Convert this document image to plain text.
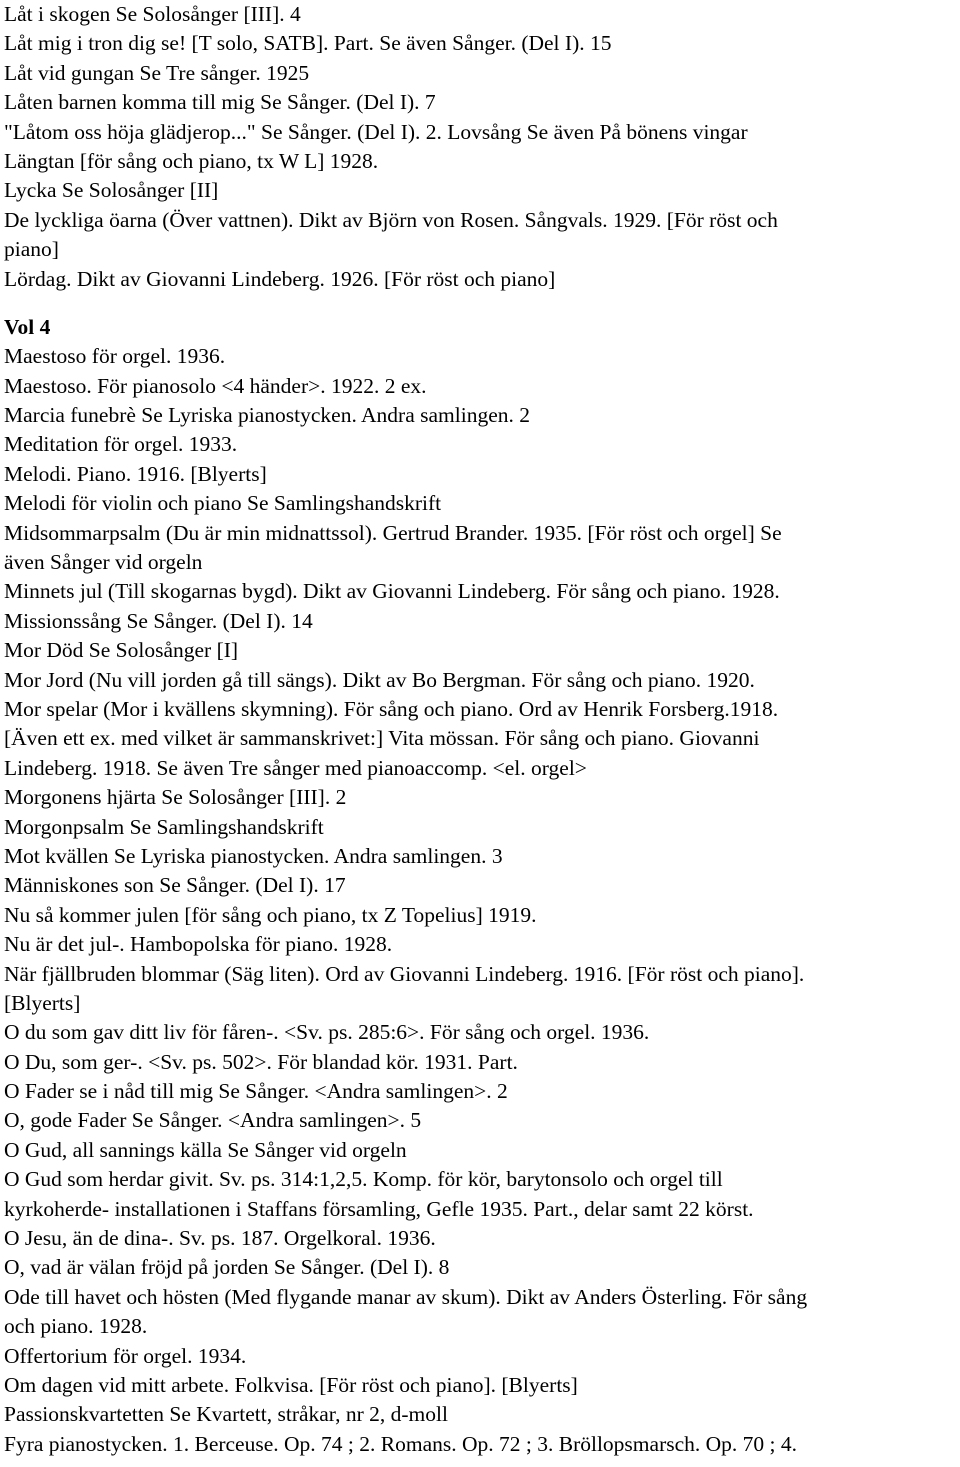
Låt i skogen Se Solosånger [III]. 4
Låt mig i tron dig se! [T solo, SATB]. Part. Se även Sånger. (Del I). 15
Låt vid gungan Se Tre sånger. 1925
Låten barnen komma till mig Se Sånger. (Del I). 7
"Låtom oss höja glädjerop..." Se Sånger. (Del I). 2. Lovsång Se även På bönens vingar
Längtan [för sång och piano, tx W L] 1928.
Lycka Se Solosånger [II]
De lyckliga öarna (Över vattnen). Dikt av Björn von Rosen. Sångvals. 1929. [För röst och
piano]
Lördag. Dikt av Giovanni Lindeberg. 1926. [För röst och piano]
Vol 4
Maestoso för orgel. 1936.
Maestoso. För pianosolo <4 händer>. 1922. 2 ex.
Marcia funebrè Se Lyriska pianostycken. Andra samlingen. 2
Meditation för orgel. 1933.
Melodi. Piano. 1916. [Blyerts]
Melodi för violin och piano Se Samlingshandskrift
Midsommarpsalm (Du är min midnattssol). Gertrud Brander. 1935. [För röst och orgel] Se
även Sånger vid orgeln
Minnets jul (Till skogarnas bygd). Dikt av Giovanni Lindeberg. För sång och piano. 1928.
Missionssång Se Sånger. (Del I). 14
Mor Död Se Solosånger [I]
Mor Jord (Nu vill jorden gå till sängs). Dikt av Bo Bergman. För sång och piano. 1920.
Mor spelar (Mor i kvällens skymning). För sång och piano. Ord av Henrik Forsberg.1918.
[Även ett ex. med vilket är sammanskrivet:] Vita mössan. För sång och piano. Giovanni
Lindeberg. 1918. Se även Tre sånger med pianoaccomp. <el. orgel>
Morgonens hjärta Se Solosånger [III]. 2
Morgonpsalm Se Samlingshandskrift
Mot kvällen Se Lyriska pianostycken. Andra samlingen. 3
Människones son Se Sånger. (Del I). 17
Nu så kommer julen [för sång och piano, tx Z Topelius] 1919.
Nu är det jul-. Hambopolska för piano. 1928.
När fjällbruden blommar (Säg liten). Ord av Giovanni Lindeberg. 1916. [För röst och piano].
[Blyerts]
O du som gav ditt liv för fåren-. <Sv. ps. 285:6>. För sång och orgel. 1936.
O Du, som ger-. <Sv. ps. 502>. För blandad kör. 1931. Part.
O Fader se i nåd till mig Se Sånger. <Andra samlingen>. 2
O, gode Fader Se Sånger. <Andra samlingen>. 5
O Gud, all sannings källa Se Sånger vid orgeln
O Gud som herdar givit. Sv. ps. 314:1,2,5. Komp. för kör, barytonsolo och orgel till
kyrkoherde- installationen i Staffans församling, Gefle 1935. Part., delar samt 22 körst.
O Jesu, än de dina-. Sv. ps. 187. Orgelkoral. 1936.
O, vad är välan fröjd på jorden Se Sånger. (Del I). 8
Ode till havet och hösten (Med flygande manar av skum). Dikt av Anders Österling. För sång
och piano. 1928.
Offertorium för orgel. 1934.
Om dagen vid mitt arbete. Folkvisa. [För röst och piano]. [Blyerts]
Passionskvartetten Se Kvartett, stråkar, nr 2, d-moll
Fyra pianostycken. 1. Berceuse. Op. 74 ; 2. Romans. Op. 72 ; 3. Bröllopsmarsch. Op. 70 ; 4.
